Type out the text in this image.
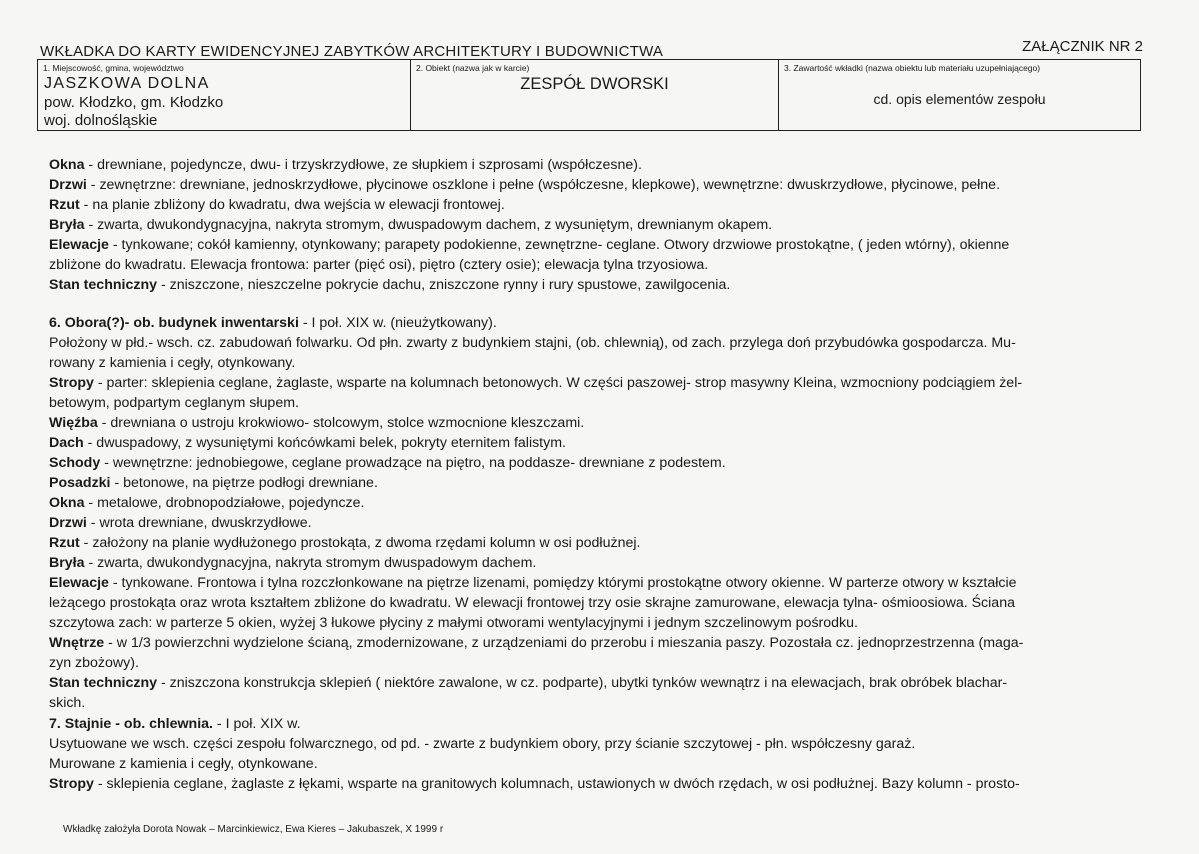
WKŁADKA DO KARTY EWIDENCYJNEJ ZABYTKÓW ARCHITEKTURY I BUDOWNICTWA	ZAŁĄCZNIK NR 2
1. Miejscowość, gmina, województwo
JASZKOWA DOLNA
pow. Kłodzko, gm. Kłodzko
woj. dolnośląskie
2. Obiekt (nazwa jak w karcie)
ZESPÓŁ DWORSKI
3. Zawartość wkładki (nazwa obiektu lub materiału uzupełniającego)
cd. opis elementów zespołu
Okna - drewniane, pojedyncze, dwu- i trzyskrzydłowe, ze słupkiem i szprosami (współczesne).
Drzwi - zewnętrzne: drewniane, jednoskrzydłowe, płycinowe oszklone i pełne (współczesne, klepkowe), wewnętrzne: dwuskrzydłowe, płycinowe, pełne.
Rzut - na planie zbliżony do kwadratu, dwa wejścia w elewacji frontowej.
Bryła - zwarta, dwukondygnacyjna, nakryta stromym, dwuspadowym dachem, z wysuniętym, drewnianym okapem.
Elewacje - tynkowane; cokół kamienny, otynkowany; parapety podokienne, zewnętrzne- ceglane. Otwory drzwiowe prostokątne, ( jeden wtórny), okienne
zbliżone do kwadratu. Elewacja frontowa: parter (pięć osi), piętro (cztery osie); elewacja tylna trzyosiowa.
Stan techniczny - zniszczone, nieszczelne pokrycie dachu, zniszczone rynny i rury spustowe, zawilgocenia.
6. Obora(?)- ob. budynek inwentarski - I poł. XIX w. (nieużytkowany).
Położony w płd.- wsch. cz. zabudowań folwarku. Od płn. zwarty z budynkiem stajni, (ob. chlewnią), od zach. przylega doń przybudówka gospodarcza. Mu-
rowany z kamienia i cegły, otynkowany.
Stropy - parter: sklepienia ceglane, żaglaste, wsparte na kolumnach betonowych. W części paszowej- strop masywny Kleina, wzmocniony podciągiem żel-
betowym, podpartym ceglanym słupem.
Więźba - drewniana o ustroju krokwiowo- stolcowym, stolce wzmocnione kleszczami.
Dach - dwuspadowy, z wysuniętymi końcówkami belek, pokryty eternitem falistym.
Schody - wewnętrzne: jednobiegowe, ceglane prowadzące na piętro, na poddasze- drewniane z podestem.
Posadzki - betonowe, na piętrze podłogi drewniane.
Okna - metalowe, drobnopodziałowe, pojedyncze.
Drzwi - wrota drewniane, dwuskrzydłowe.
Rzut - założony na planie wydłużonego prostokąta, z dwoma rzędami kolumn w osi podłużnej.
Bryła - zwarta, dwukondygnacyjna, nakryta stromym dwuspadowym dachem.
Elewacje - tynkowane. Frontowa i tylna rozczłonkowane na piętrze lizenami, pomiędzy którymi prostokątne otwory okienne. W parterze otwory w kształcie
leżącego prostokąta oraz wrota kształtem zbliżone do kwadratu. W elewacji frontowej trzy osie skrajne zamurowane, elewacja tylna- ośmioosiowa. Ściana
szczytowa zach: w parterze 5 okien, wyżej 3 łukowe płyciny z małymi otworami wentylacyjnymi i jednym szczelinowym pośrodku.
Wnętrze - w 1/3 powierzchni wydzielone ścianą, zmodernizowane, z urządzeniami do przerobu i mieszania paszy. Pozostała cz. jednoprzestrzenna (maga-
zyn zbożowy).
Stan techniczny - zniszczona konstrukcja sklepień ( niektóre zawalone, w cz. podparte), ubytki tynków wewnątrz i na elewacjach, brak obróbek blachar-
skich.
7. Stajnie - ob. chlewnia. - I poł. XIX w.
Usytuowane we wsch. części zespołu folwarcznego, od pd. - zwarte z budynkiem obory, przy ścianie szczytowej - płn. współczesny garaż.
Murowane z kamienia i cegły, otynkowane.
Stropy - sklepienia ceglane, żaglaste z łękami, wsparte na granitowych kolumnach, ustawionych w dwóch rzędach, w osi podłużnej. Bazy kolumn - prosto-
Wkładkę założyła Dorota Nowak – Marcinkiewicz, Ewa Kieres – Jakubaszek, X 1999 r
